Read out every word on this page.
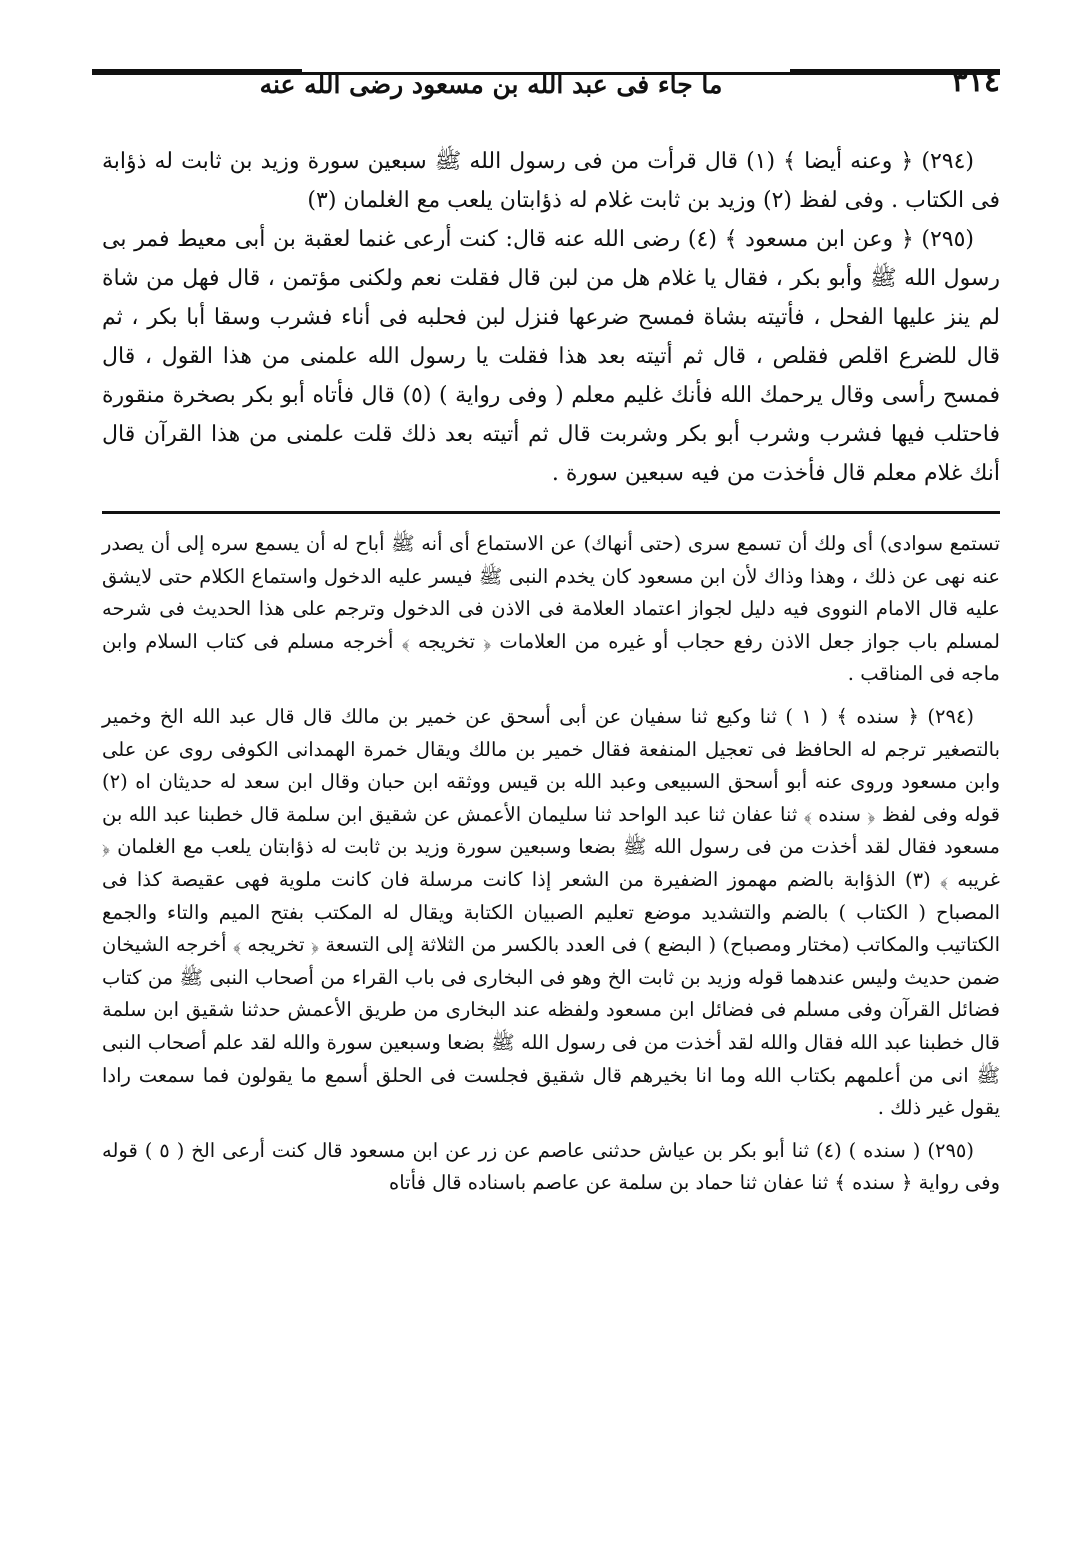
٣١٤
ما جاء فى عبد الله بن مسعود رضى الله عنه

(٢٩٤) ﴿ وعنه أيضا ﴾ (١) قال قرأت من فى رسول الله ﷺ سبعين سورة وزيد بن ثابت له ذؤابة فى الكتاب . وفى لفظ (٢) وزيد بن ثابت غلام له ذؤابتان يلعب مع الغلمان (٣)

(٢٩٥) ﴿ وعن ابن مسعود ﴾ (٤) رضى الله عنه قال: كنت أرعى غنما لعقبة بن أبى معيط فمر بى رسول الله ﷺ وأبو بكر ، فقال يا غلام هل من لبن قال فقلت نعم ولكنى مؤتمن ، قال فهل من شاة لم ينز عليها الفحل ، فأتيته بشاة فمسح ضرعها فنزل لبن فحلبه فى أناء فشرب وسقا أبا بكر ، ثم قال للضرع اقلص فقلص ، قال ثم أتيته بعد هذا فقلت يا رسول الله علمنى من هذا القول ، قال فمسح رأسى وقال يرحمك الله فأنك غليم معلم ( وفى رواية ) (٥) قال فأتاه أبو بكر بصخرة منقورة فاحتلب فيها فشرب وشرب أبو بكر وشربت قال ثم أتيته بعد ذلك قلت علمنى من هذا القرآن قال أنك غلام معلم قال فأخذت من فيه سبعين سورة .

تستمع سوادى) أى ولك أن تسمع سرى (حتى أنهاك) عن الاستماع أى أنه ﷺ أباح له أن يسمع سره إلى أن يصدر عنه نهى عن ذلك ، وهذا وذاك لأن ابن مسعود كان يخدم النبى ﷺ فيسر عليه الدخول واستماع الكلام حتى لايشق عليه قال الامام النووى فيه دليل لجواز اعتماد العلامة فى الاذن فى الدخول وترجم على هذا الحديث فى شرحه لمسلم باب جواز جعل الاذن رفع حجاب أو غيره من العلامات ﴿ تخريجه ﴾ أخرجه مسلم فى كتاب السلام وابن ماجه فى المناقب .

(٢٩٤) ﴿ سنده ﴾ ( ١ ) ثنا وكيع ثنا سفيان عن أبى أسحق عن خمير بن مالك قال قال عبد الله الخ وخمير بالتصغير ترجم له الحافظ فى تعجيل المنفعة فقال خمير بن مالك ويقال خمرة الهمدانى الكوفى روى عن على وابن مسعود وروى عنه أبو أسحق السبيعى وعبد الله بن قيس ووثقه ابن حبان وقال ابن سعد له حديثان اه (٢) قوله وفى لفظ ﴿ سنده ﴾ ثنا عفان ثنا عبد الواحد ثنا سليمان الأعمش عن شقيق ابن سلمة قال خطبنا عبد الله بن مسعود فقال لقد أخذت من فى رسول الله ﷺ بضعا وسبعين سورة وزيد بن ثابت له ذؤابتان يلعب مع الغلمان ﴿ غريبه ﴾ (٣) الذؤابة بالضم مهموز الضفيرة من الشعر إذا كانت مرسلة فان كانت ملوية فهى عقيصة كذا فى المصباح ( الكتاب ) بالضم والتشديد موضع تعليم الصبيان الكتابة ويقال له المكتب بفتح الميم والتاء والجمع الكتاتيب والمكاتب (مختار ومصباح) ( البضع ) فى العدد بالكسر من الثلاثة إلى التسعة ﴿ تخريجه ﴾ أخرجه الشيخان ضمن حديث وليس عندهما قوله وزيد بن ثابت الخ وهو فى البخارى فى باب القراء من أصحاب النبى ﷺ من كتاب فضائل القرآن وفى مسلم فى فضائل ابن مسعود ولفظه عند البخارى من طريق الأعمش حدثنا شقيق ابن سلمة قال خطبنا عبد الله فقال والله لقد أخذت من فى رسول الله ﷺ بضعا وسبعين سورة والله لقد علم أصحاب النبى ﷺ انى من أعلمهم بكتاب الله وما انا بخيرهم قال شقيق فجلست فى الحلق أسمع ما يقولون فما سمعت رادا يقول غير ذلك .

(٢٩٥) ( سنده ) (٤) ثنا أبو بكر بن عياش حدثنى عاصم عن زر عن ابن مسعود قال كنت أرعى الخ ( ٥ ) قوله وفى رواية ﴿ سنده ﴾ ثنا عفان ثنا حماد بن سلمة عن عاصم باسناده قال فأتاه
